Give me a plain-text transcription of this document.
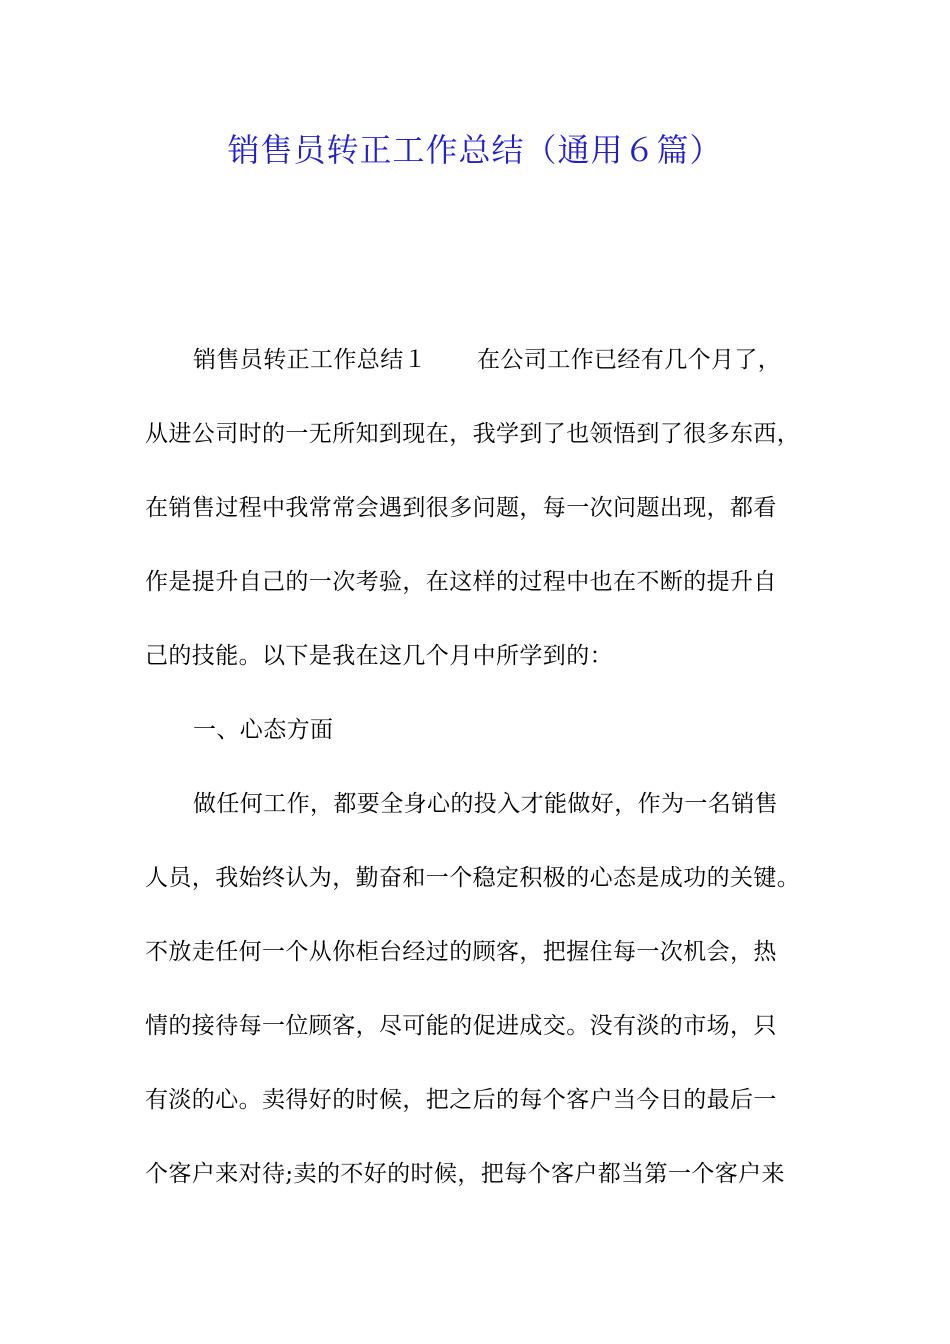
销售员转正工作总结（通用６篇）
销售员转正工作总结１ 在公司工作已经有几个月了，
从进公司时的一无所知到现在，我学到了也领悟到了很多东西，
在销售过程中我常常会遇到很多问题，每一次问题出现，都看
作是提升自己的一次考验，在这样的过程中也在不断的提升自
己的技能。以下是我在这几个月中所学到的：
一、心态方面
做任何工作，都要全身心的投入才能做好，作为一名销售
人员，我始终认为，勤奋和一个稳定积极的心态是成功的关键。
不放走任何一个从你柜台经过的顾客，把握住每一次机会，热
情的接待每一位顾客，尽可能的促进成交。没有淡的市场，只
有淡的心。卖得好的时候，把之后的每个客户当今日的最后一
个客户来对待;卖的不好的时候，把每个客户都当第一个客户来
